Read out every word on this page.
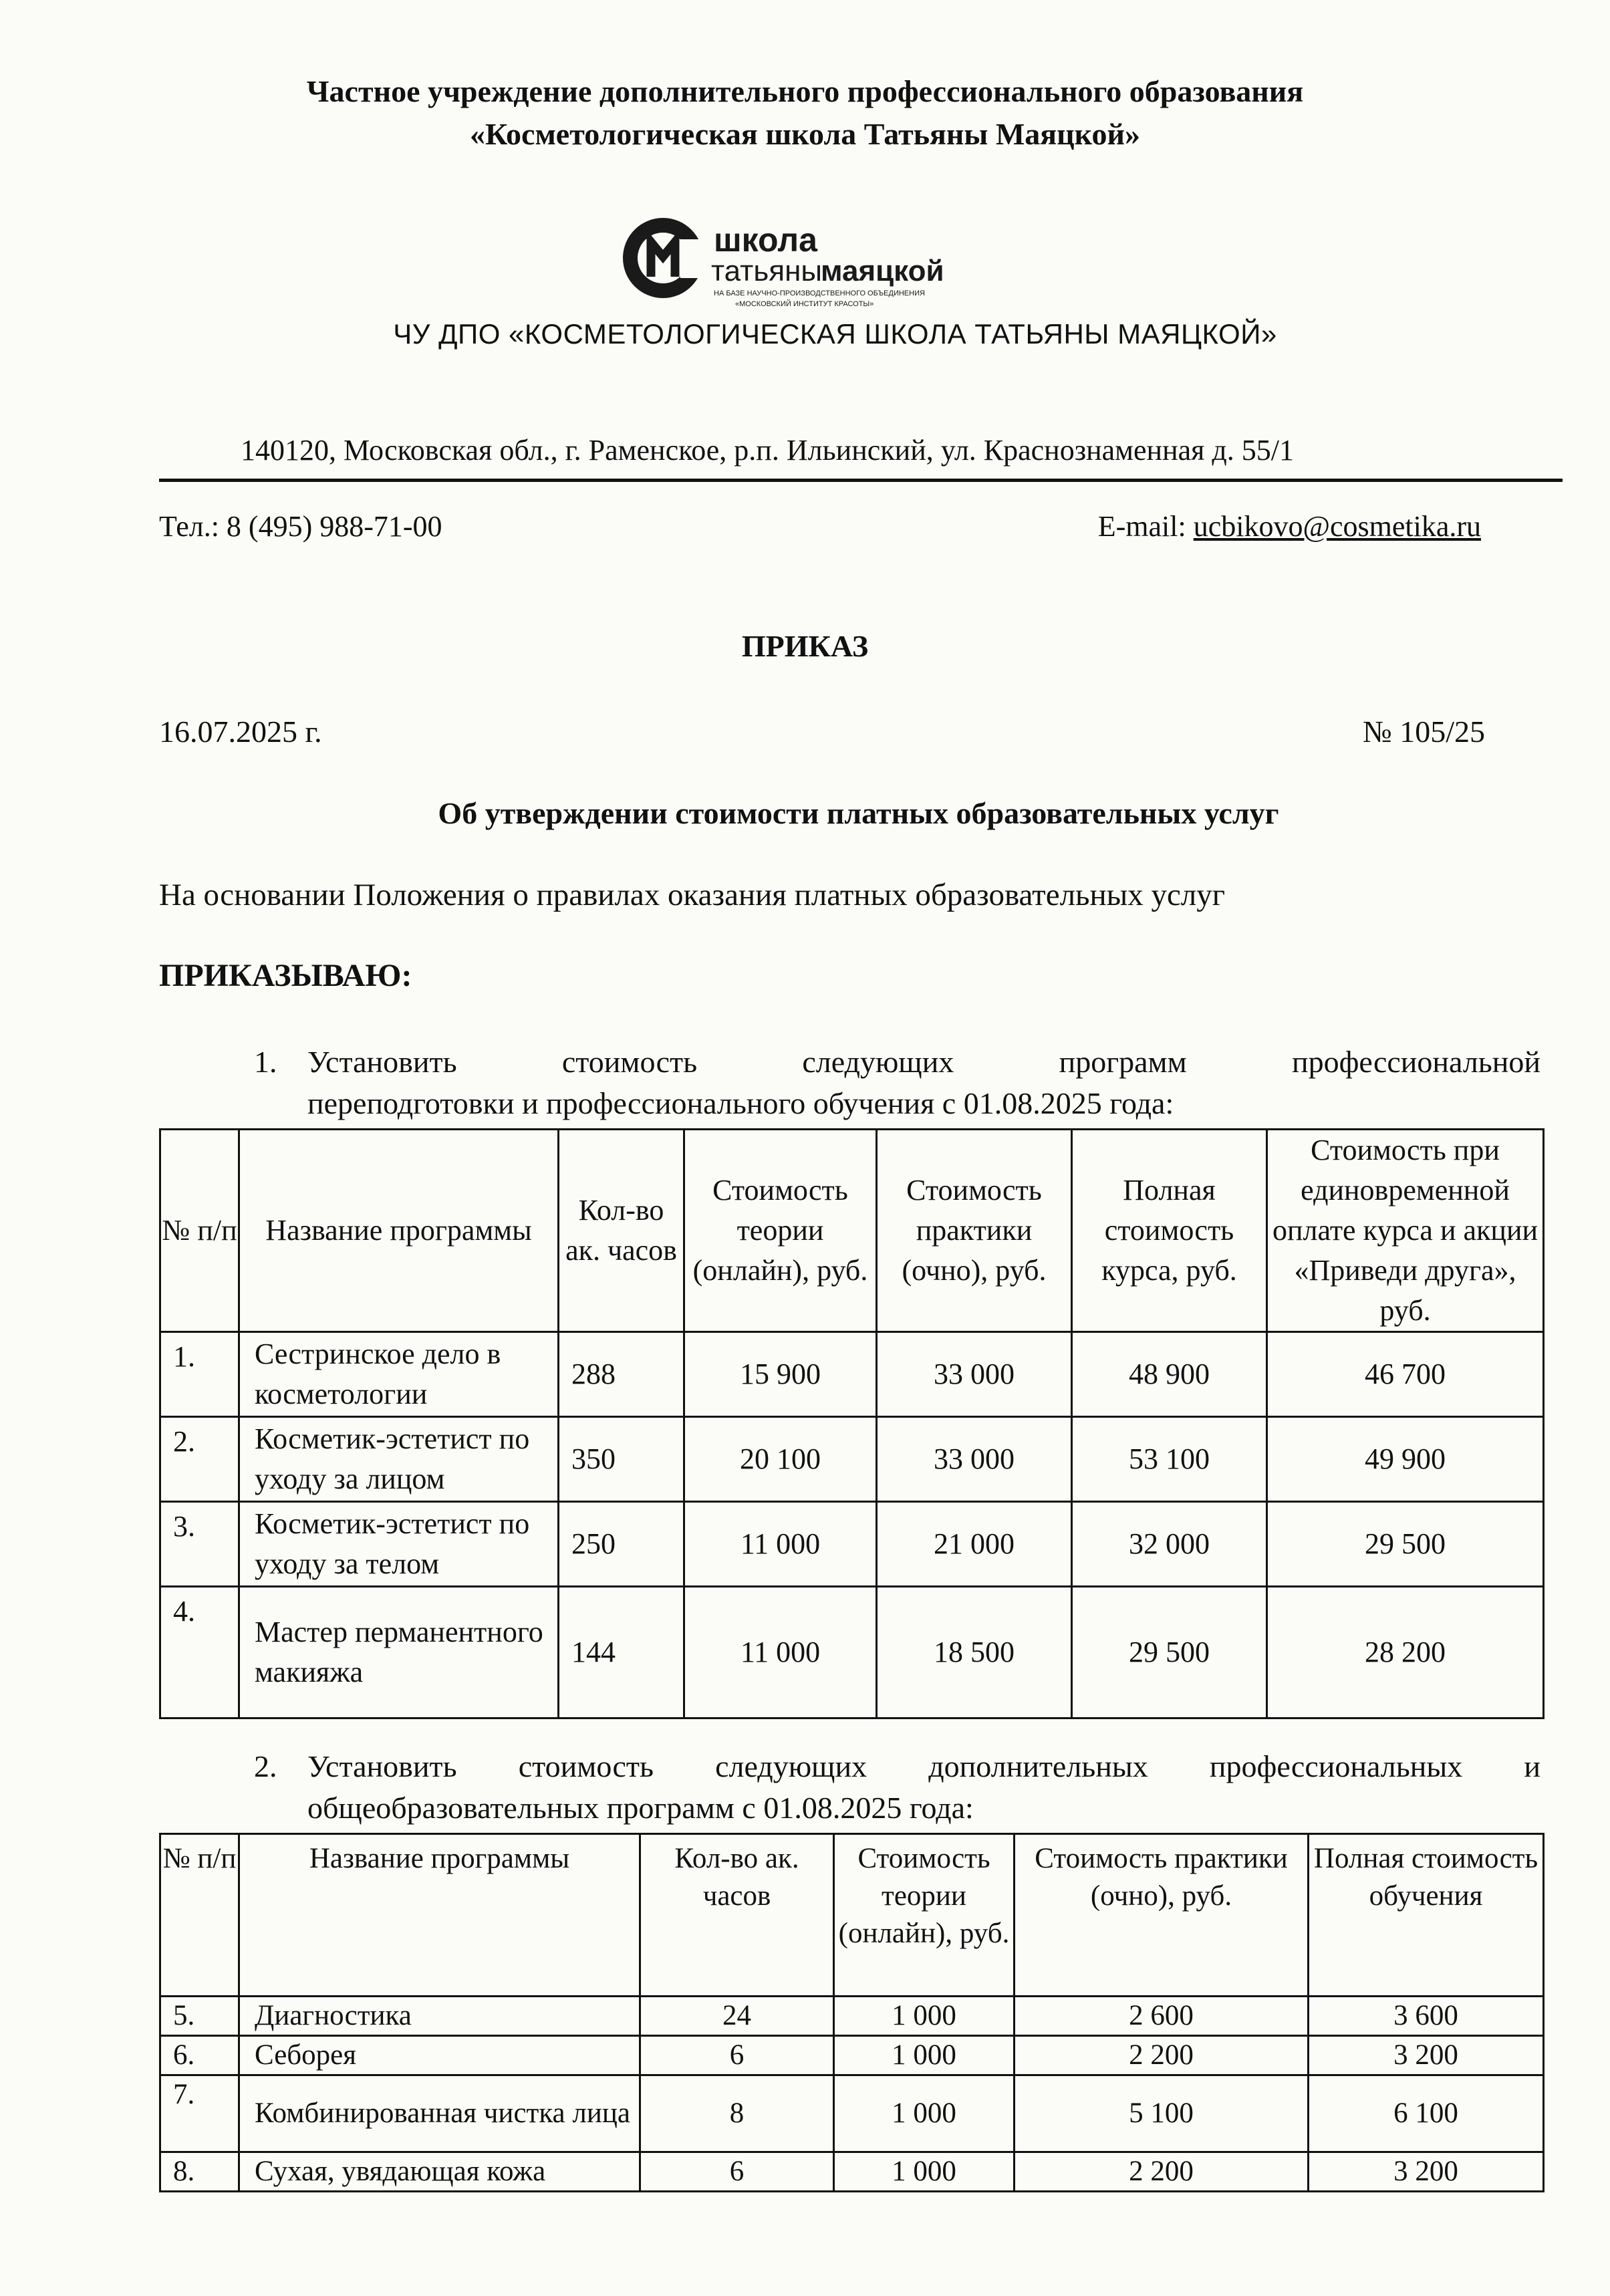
Частное учреждение дополнительного профессионального образования
«Косметологическая школа Татьяны Маяцкой»
школа
татьяны
маяцкой
НА БАЗЕ НАУЧНО-ПРОИЗВОДСТВЕННОГО ОБЪЕДИНЕНИЯ
«МОСКОВСКИЙ ИНСТИТУТ КРАСОТЫ»
ЧУ ДПО «КОСМЕТОЛОГИЧЕСКАЯ ШКОЛА ТАТЬЯНЫ МАЯЦКОЙ»
140120, Московская обл., г. Раменское, р.п. Ильинский, ул. Краснознаменная д. 55/1
Тел.: 8 (495) 988-71-00	E-mail: ucbikovo@cosmetika.ru
ПРИКАЗ
16.07.2025 г.	№ 105/25
Об утверждении стоимости платных образовательных услуг
На основании Положения о правилах оказания платных образовательных услуг
ПРИКАЗЫВАЮ:
1. Установить стоимость следующих программ профессиональной
переподготовки и профессионального обучения с 01.08.2025 года:
№ п/п	Название программы	Кол-во ак. часов	Стоимость теории (онлайн), руб.	Стоимость практики (очно), руб.	Полная стоимость курса, руб.	Стоимость при единовременной оплате курса и акции «Приведи друга», руб.
1.	Сестринское дело в косметологии	288	15 900	33 000	48 900	46 700
2.	Косметик-эстетист по уходу за лицом	350	20 100	33 000	53 100	49 900
3.	Косметик-эстетист по уходу за телом	250	11 000	21 000	32 000	29 500
4.	Мастер перманентного макияжа	144	11 000	18 500	29 500	28 200
2. Установить стоимость следующих дополнительных профессиональных и
общеобразовательных программ с 01.08.2025 года:
№ п/п	Название программы	Кол-во ак. часов	Стоимость теории (онлайн), руб.	Стоимость практики (очно), руб.	Полная стоимость обучения
5.	Диагностика	24	1 000	2 600	3 600
6.	Себорея	6	1 000	2 200	3 200
7.	Комбинированная чистка лица	8	1 000	5 100	6 100
8.	Сухая, увядающая кожа	6	1 000	2 200	3 200
